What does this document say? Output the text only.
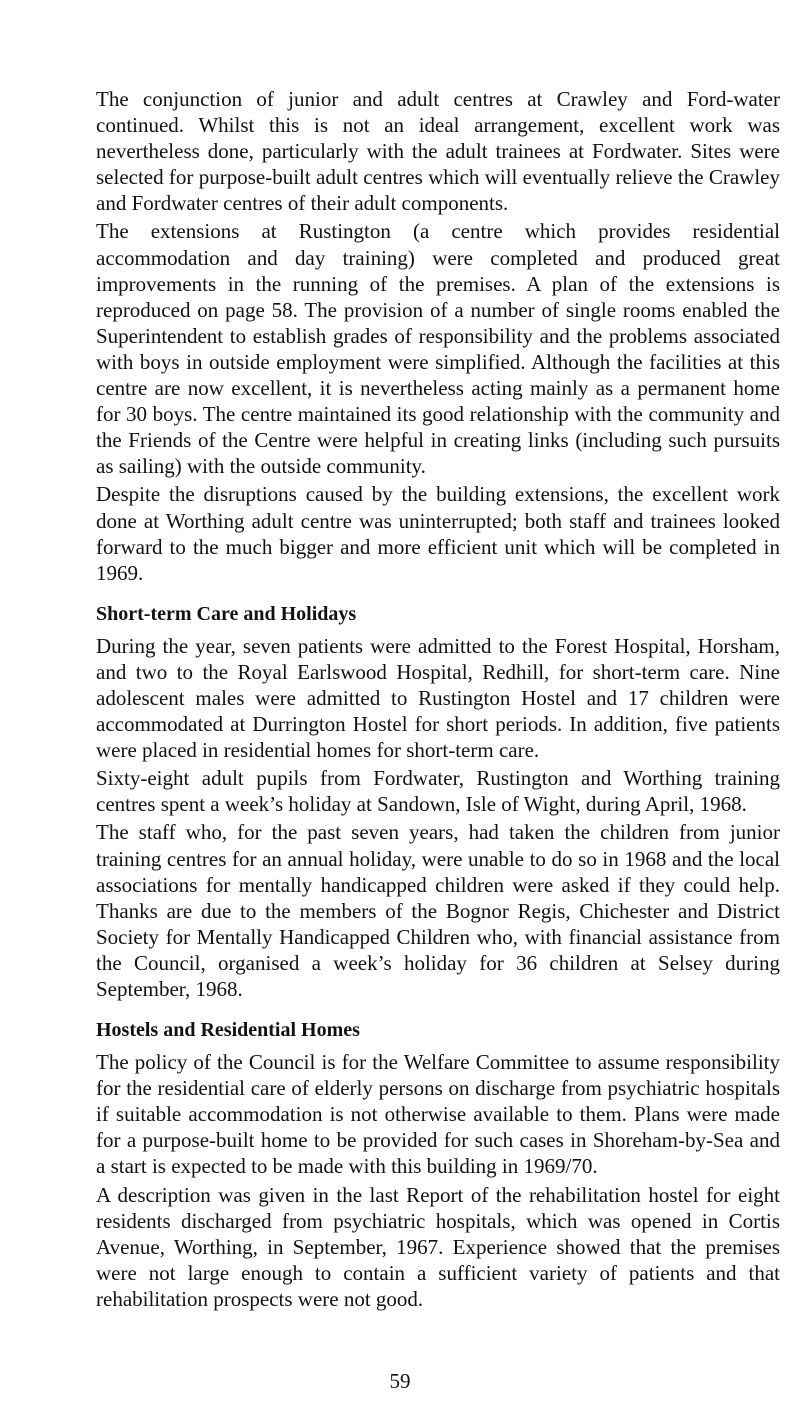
The conjunction of junior and adult centres at Crawley and Ford-water continued. Whilst this is not an ideal arrangement, excellent work was nevertheless done, particularly with the adult trainees at Fordwater. Sites were selected for purpose-built adult centres which will eventually relieve the Crawley and Fordwater centres of their adult components.

The extensions at Rustington (a centre which provides residential accommodation and day training) were completed and produced great improvements in the running of the premises. A plan of the extensions is reproduced on page 58. The provision of a number of single rooms enabled the Superintendent to establish grades of responsibility and the problems associated with boys in outside employment were simplified. Although the facilities at this centre are now excellent, it is nevertheless acting mainly as a permanent home for 30 boys. The centre maintained its good relationship with the community and the Friends of the Centre were helpful in creating links (including such pursuits as sailing) with the outside community.

Despite the disruptions caused by the building extensions, the excellent work done at Worthing adult centre was uninterrupted; both staff and trainees looked forward to the much bigger and more efficient unit which will be completed in 1969.

Short-term Care and Holidays

During the year, seven patients were admitted to the Forest Hospital, Horsham, and two to the Royal Earlswood Hospital, Redhill, for short-term care. Nine adolescent males were admitted to Rustington Hostel and 17 children were accommodated at Durrington Hostel for short periods. In addition, five patients were placed in residential homes for short-term care.

Sixty-eight adult pupils from Fordwater, Rustington and Worthing training centres spent a week’s holiday at Sandown, Isle of Wight, during April, 1968.

The staff who, for the past seven years, had taken the children from junior training centres for an annual holiday, were unable to do so in 1968 and the local associations for mentally handicapped children were asked if they could help. Thanks are due to the members of the Bognor Regis, Chichester and District Society for Mentally Handicapped Children who, with financial assistance from the Council, organised a week’s holiday for 36 children at Selsey during September, 1968.

Hostels and Residential Homes

The policy of the Council is for the Welfare Committee to assume responsibility for the residential care of elderly persons on discharge from psychiatric hospitals if suitable accommodation is not otherwise available to them. Plans were made for a purpose-built home to be provided for such cases in Shoreham-by-Sea and a start is expected to be made with this building in 1969/70.

A description was given in the last Report of the rehabilitation hostel for eight residents discharged from psychiatric hospitals, which was opened in Cortis Avenue, Worthing, in September, 1967. Experience showed that the premises were not large enough to contain a sufficient variety of patients and that rehabilitation prospects were not good.

59
